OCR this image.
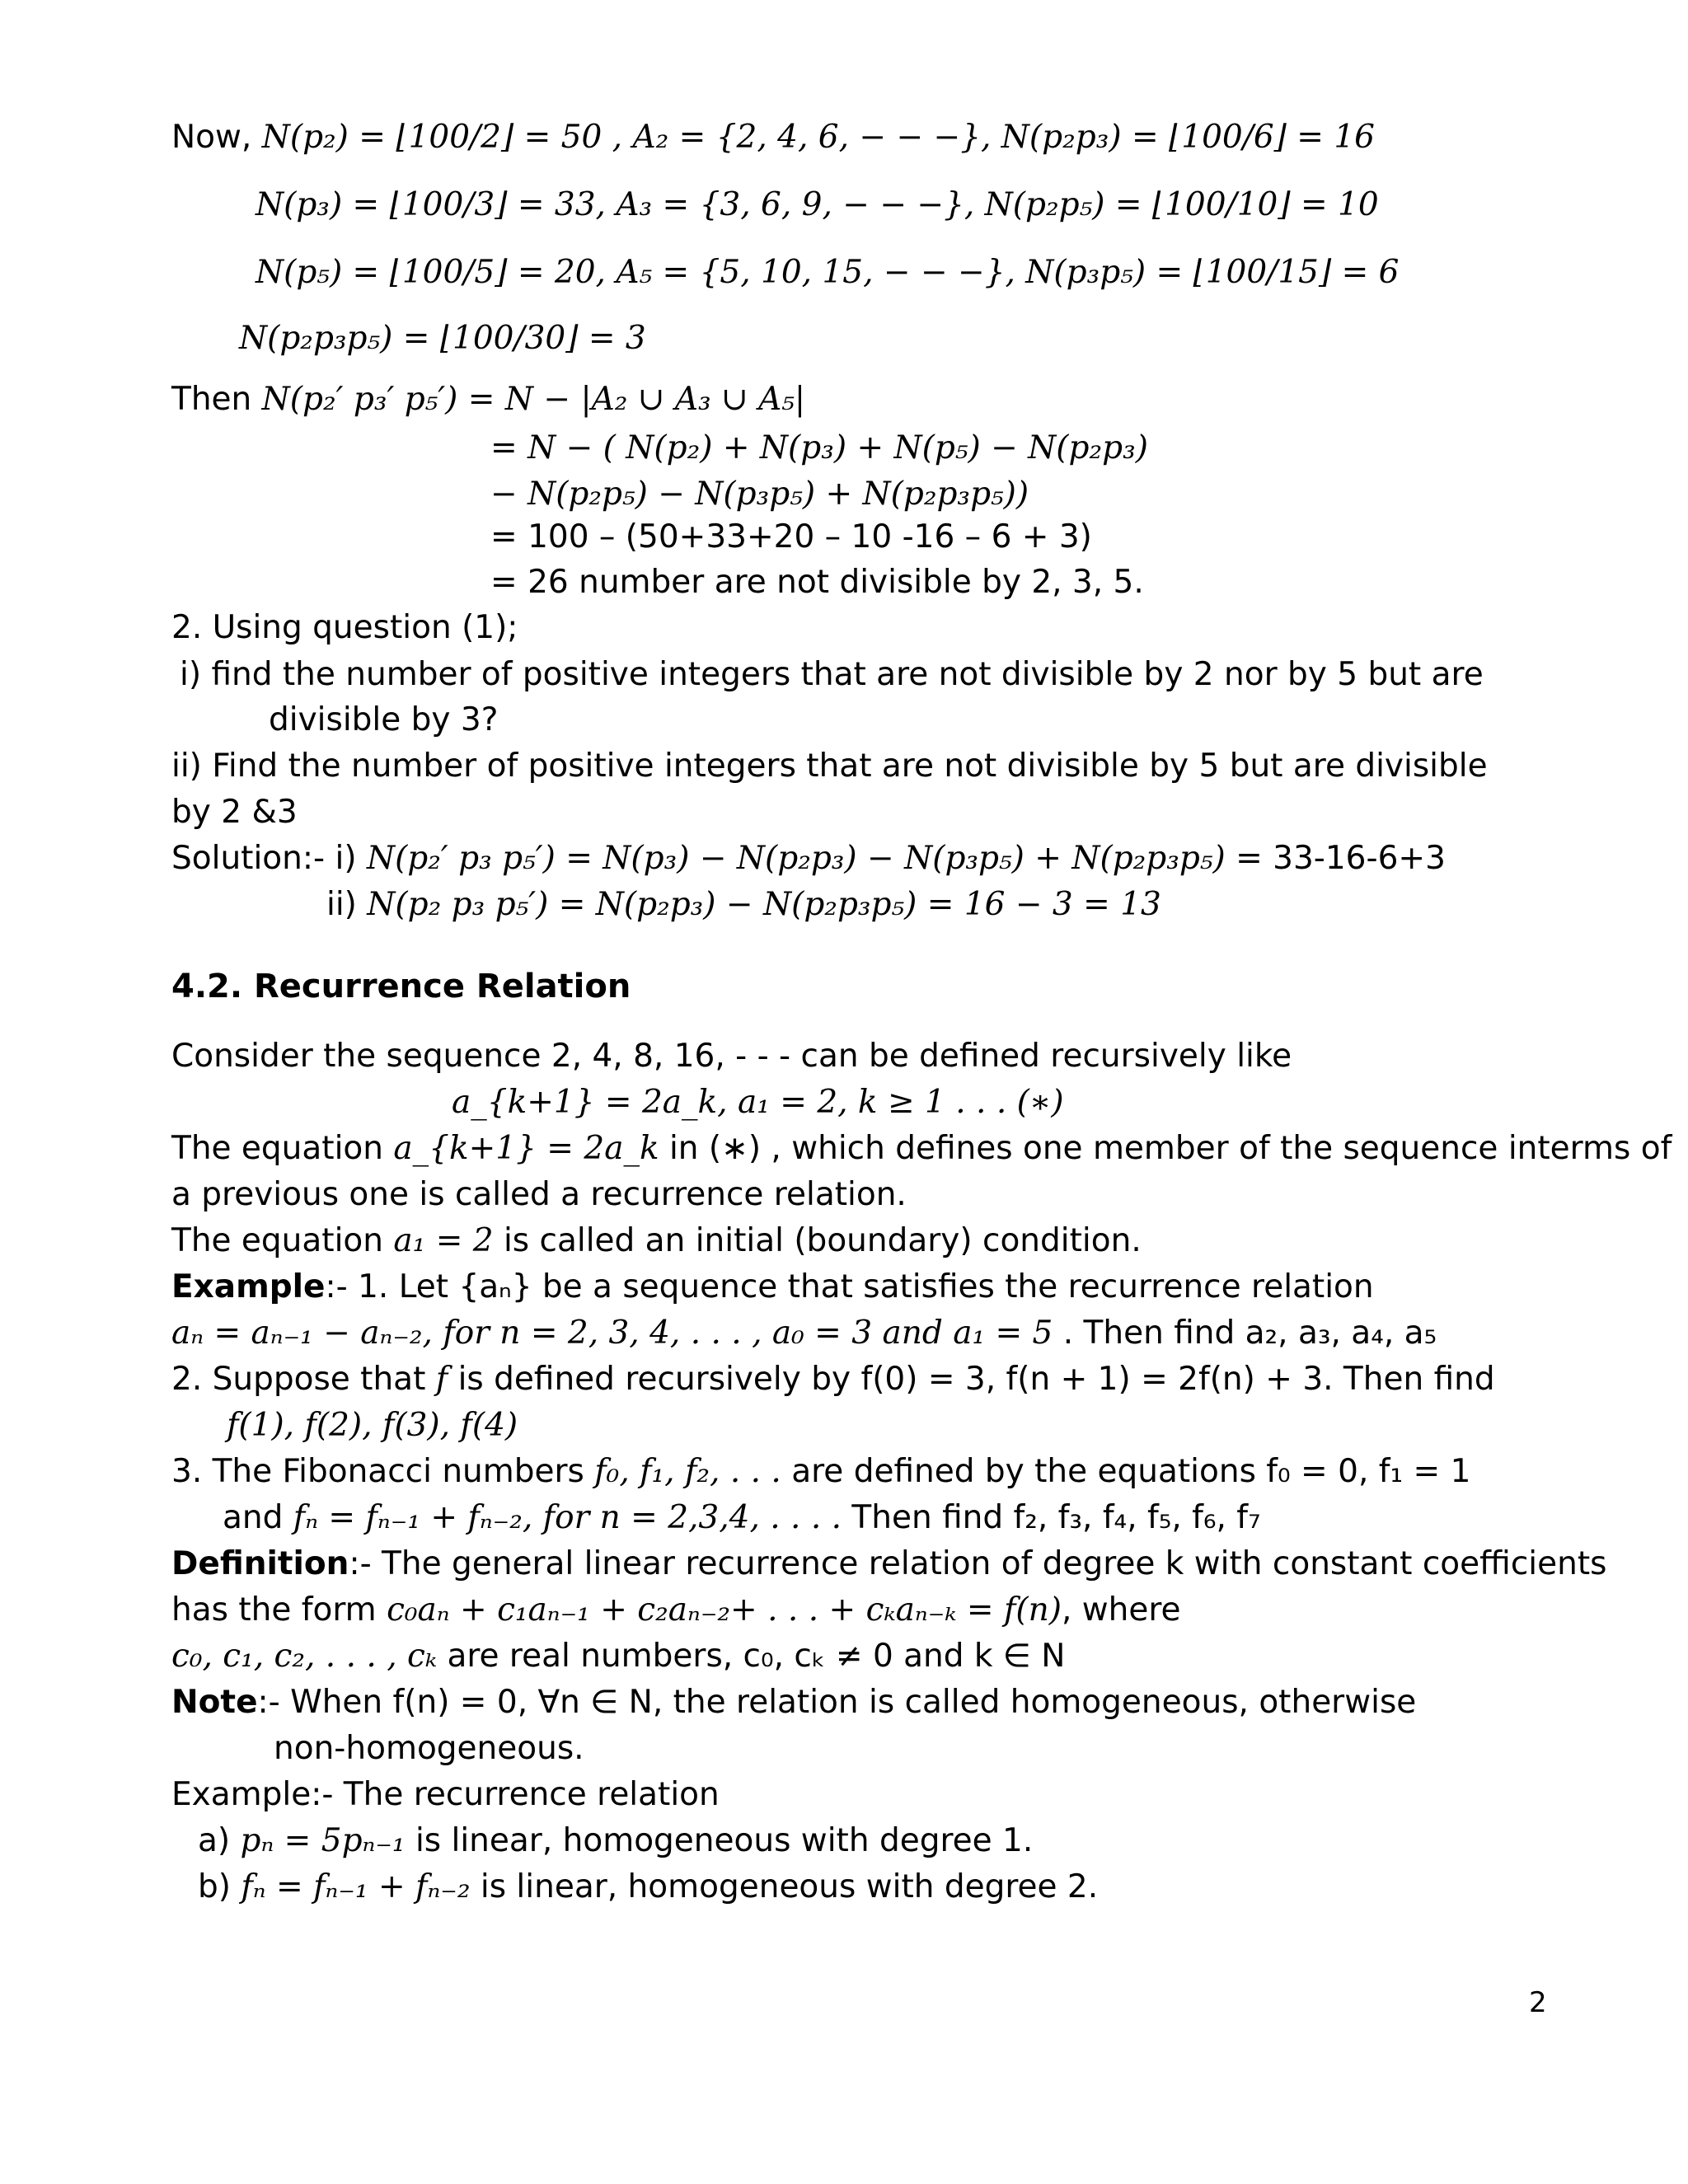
Now, N(p₂) = ⌊100/2⌋ = 50 , A₂ = {2, 4, 6, − − −}, N(p₂p₃) = ⌊100/6⌋ = 16
N(p₃) = ⌊100/3⌋ = 33, A₃ = {3, 6, 9, − − −}, N(p₂p₅) = ⌊100/10⌋ = 10
N(p₅) = ⌊100/5⌋ = 20, A₅ = {5, 10, 15, − − −}, N(p₃p₅) = ⌊100/15⌋ = 6
N(p₂p₃p₅) = ⌊100/30⌋ = 3
Then N(p₂′ p₃′ p₅′) = N − |A₂ ∪ A₃ ∪ A₅|
= N − ( N(p₂) + N(p₃) + N(p₅) − N(p₂p₃)
− N(p₂p₅) − N(p₃p₅) + N(p₂p₃p₅))
= 100 – (50+33+20 – 10 -16 – 6 + 3)
= 26 number are not divisible by 2, 3, 5.
2. Using question (1);
i) find the number of positive integers that are not divisible by 2 nor by 5 but are
divisible by 3?
ii) Find the number of positive integers that are not divisible by 5 but are divisible
by 2 &3
Solution:- i) N(p₂′ p₃ p₅′) = N(p₃) − N(p₂p₃) − N(p₃p₅) + N(p₂p₃p₅) = 33-16-6+3
ii) N(p₂ p₃ p₅′) = N(p₂p₃) − N(p₂p₃p₅) = 16 − 3 = 13
4.2. Recurrence Relation
Consider the sequence 2, 4, 8, 16, - - - can be defined recursively like
a_{k+1} = 2a_k, a₁ = 2, k ≥ 1 . . . (∗)
The equation a_{k+1} = 2a_k in (∗) , which defines one member of the sequence interms of
a previous one is called a recurrence relation.
The equation a₁ = 2 is called an initial (boundary) condition.
Example:- 1. Let {aₙ} be a sequence that satisfies the recurrence relation
aₙ = aₙ₋₁ − aₙ₋₂, for n = 2, 3, 4, . . . , a₀ = 3 and a₁ = 5 . Then find a₂, a₃, a₄, a₅
2. Suppose that f is defined recursively by f(0) = 3, f(n + 1) = 2f(n) + 3. Then find
f(1), f(2), f(3), f(4)
3. The Fibonacci numbers f₀, f₁, f₂, . . . are defined by the equations f₀ = 0, f₁ = 1
and fₙ = fₙ₋₁ + fₙ₋₂, for n = 2,3,4, . . . . Then find f₂, f₃, f₄, f₅, f₆, f₇
Definition:- The general linear recurrence relation of degree k with constant coefficients
has the form c₀aₙ + c₁aₙ₋₁ + c₂aₙ₋₂+ . . . + cₖaₙ₋ₖ = f(n), where
c₀, c₁, c₂, . . . , cₖ are real numbers, c₀, cₖ ≠ 0 and k ∈ N
Note:- When f(n) = 0, ∀n ∈ N, the relation is called homogeneous, otherwise
non-homogeneous.
Example:- The recurrence relation
a) pₙ = 5pₙ₋₁ is linear, homogeneous with degree 1.
b) fₙ = fₙ₋₁ + fₙ₋₂ is linear, homogeneous with degree 2.
2
